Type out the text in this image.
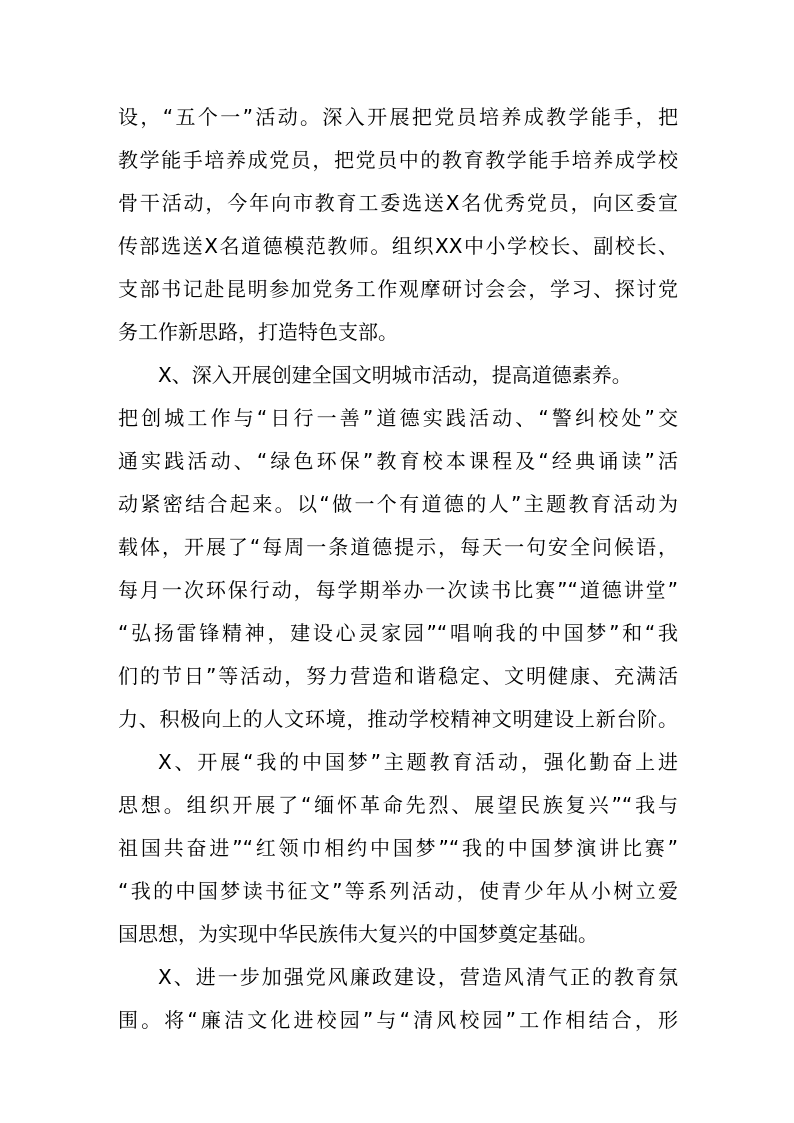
设，“五个一”活动。深入开展把党员培养成教学能手，把
教学能手培养成党员，把党员中的教育教学能手培养成学校
骨干活动，今年向市教育工委选送X名优秀党员，向区委宣
传部选送X名道德模范教师。组织XX中小学校长、副校长、
支部书记赴昆明参加党务工作观摩研讨会会，学习、探讨党
务工作新思路，打造特色支部。
X、深入开展创建全国文明城市活动，提高道德素养。
把创城工作与“日行一善”道德实践活动、“警纠校处”交
通实践活动、“绿色环保”教育校本课程及“经典诵读”活
动紧密结合起来。以“做一个有道德的人”主题教育活动为
载体，开展了“每周一条道德提示，每天一句安全问候语，
每月一次环保行动，每学期举办一次读书比赛”“道德讲堂”
“弘扬雷锋精神，建设心灵家园”“唱响我的中国梦”和“我
们的节日”等活动，努力营造和谐稳定、文明健康、充满活
力、积极向上的人文环境，推动学校精神文明建设上新台阶。
X、开展“我的中国梦”主题教育活动，强化勤奋上进
思想。组织开展了“缅怀革命先烈、展望民族复兴”“我与
祖国共奋进”“红领巾相约中国梦”“我的中国梦演讲比赛”
“我的中国梦读书征文”等系列活动，使青少年从小树立爱
国思想，为实现中华民族伟大复兴的中国梦奠定基础。
X、进一步加强党风廉政建设，营造风清气正的教育氛
围。将“廉洁文化进校园”与“清风校园”工作相结合，形
